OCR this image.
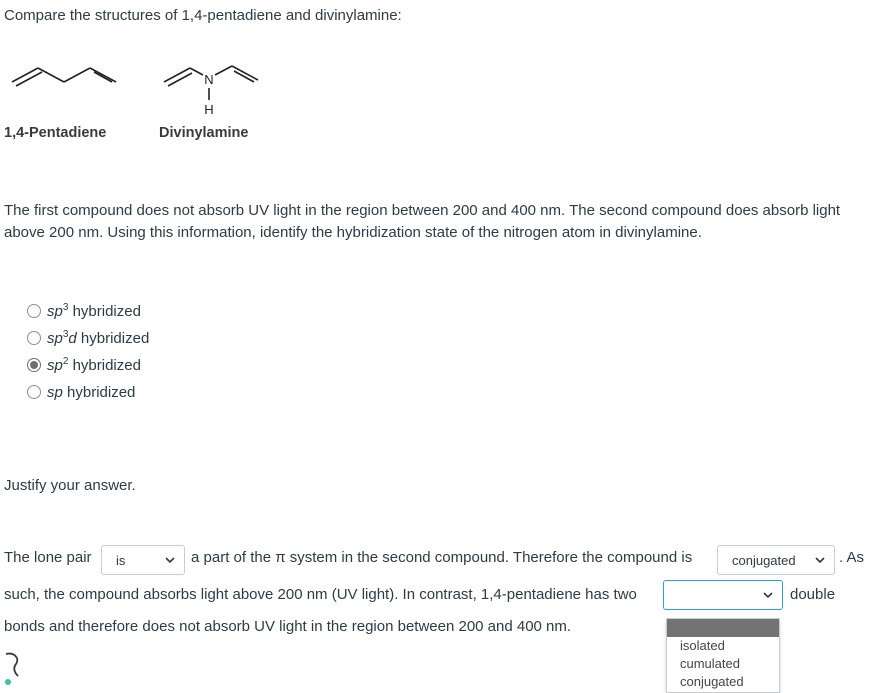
Compare the structures of 1,4-pentadiene and divinylamine:
1,4-Pentadiene
N
H
Divinylamine
The first compound does not absorb UV light in the region between 200 and 400 nm. The second compound does absorb light
above 200 nm. Using this information, identify the hybridization state of the nitrogen atom in divinylamine.
$sp^3$ hybridized
$sp^3d$ hybridized
$sp^2$ hybridized
sp hybridized
Justify your answer.
The lone pair is	a part of the π system in the second compound. Therefore the compound is	conjugated	. As
such, the compound absorbs light above 200 nm (UV light). In contrast, 1,4-pentadiene has two	double
bonds and therefore does not absorb UV light in the region between 200 and 400 nm.
isolated
cumulated
conjugated
